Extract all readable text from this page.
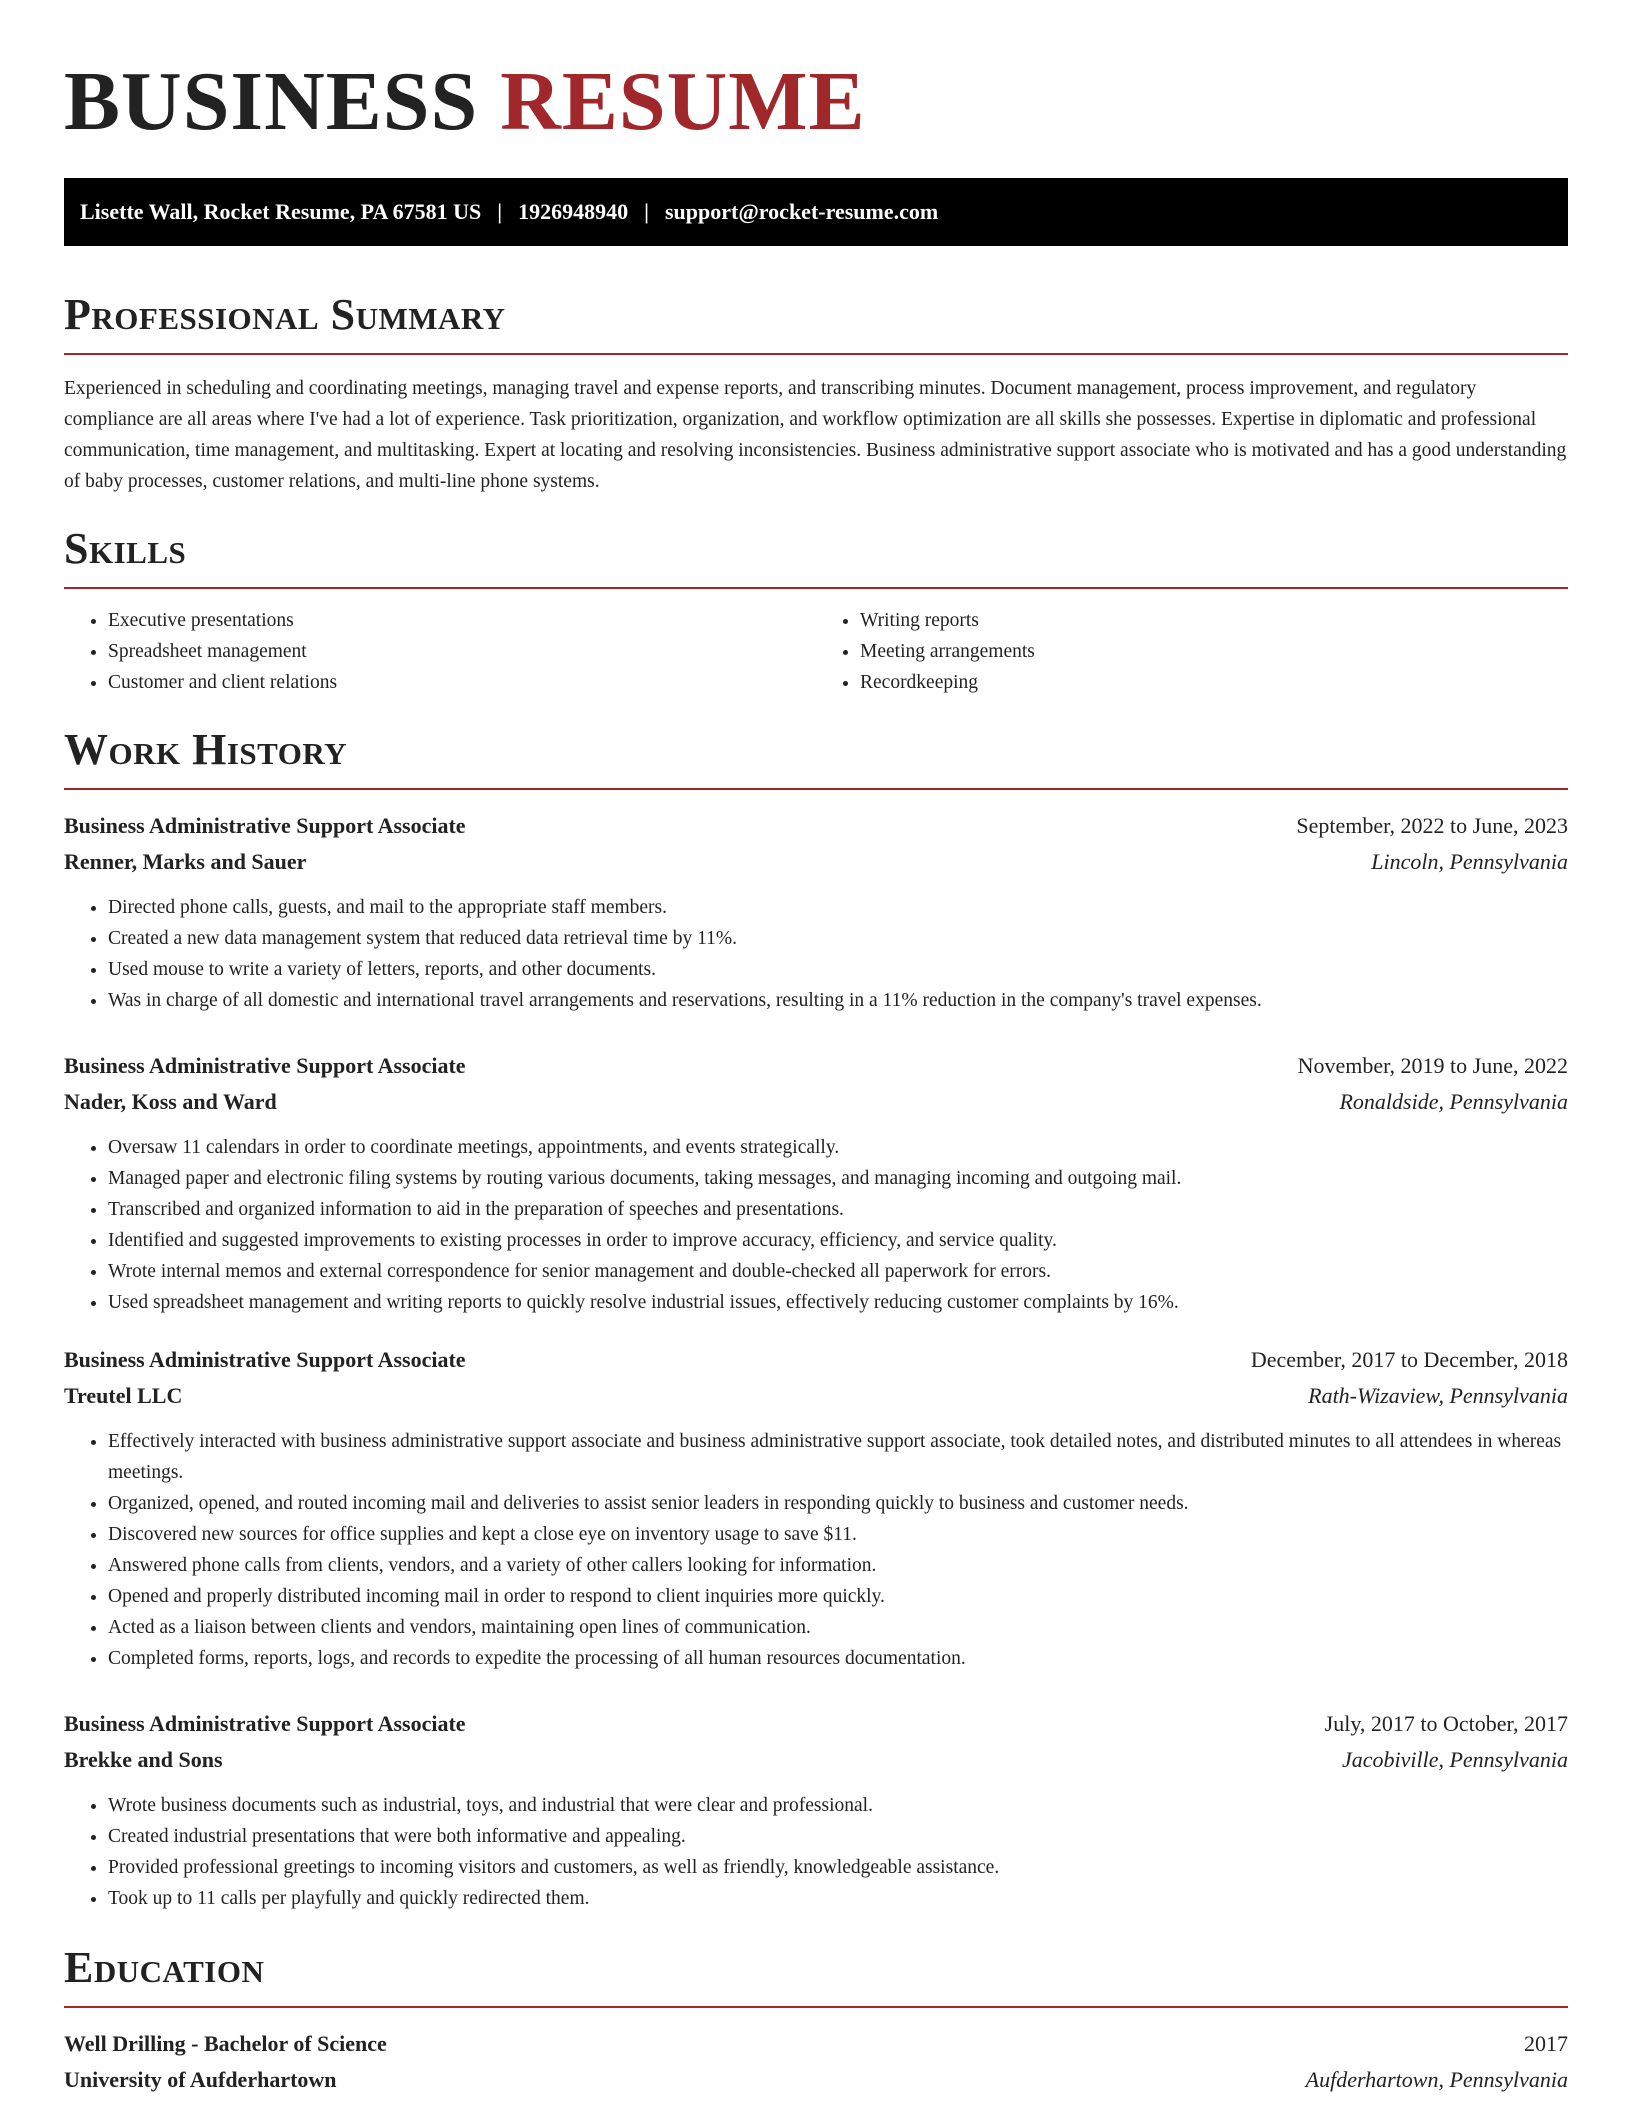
BUSINESS RESUME
Lisette Wall, Rocket Resume, PA 67581 US | 1926948940 | support@rocket-resume.com
Professional Summary

Experienced in scheduling and coordinating meetings, managing travel and expense reports, and transcribing minutes. Document management, process improvement, and regulatory compliance are all areas where I've had a lot of experience. Task prioritization, organization, and workflow optimization are all skills she possesses. Expertise in diplomatic and professional communication, time management, and multitasking. Expert at locating and resolving inconsistencies. Business administrative support associate who is motivated and has a good understanding of baby processes, customer relations, and multi-line phone systems.

Skills
• Executive presentations
• Spreadsheet management
• Customer and client relations
• Writing reports
• Meeting arrangements
• Recordkeeping
Work History
Business Administrative Support Associate	September, 2022 to June, 2023
Renner, Marks and Sauer	Lincoln, Pennsylvania
• Directed phone calls, guests, and mail to the appropriate staff members.
• Created a new data management system that reduced data retrieval time by 11%.
• Used mouse to write a variety of letters, reports, and other documents.
• Was in charge of all domestic and international travel arrangements and reservations, resulting in a 11% reduction in the company's travel expenses.
Business Administrative Support Associate	November, 2019 to June, 2022
Nader, Koss and Ward	Ronaldside, Pennsylvania
• Oversaw 11 calendars in order to coordinate meetings, appointments, and events strategically.
• Managed paper and electronic filing systems by routing various documents, taking messages, and managing incoming and outgoing mail.
• Transcribed and organized information to aid in the preparation of speeches and presentations.
• Identified and suggested improvements to existing processes in order to improve accuracy, efficiency, and service quality.
• Wrote internal memos and external correspondence for senior management and double-checked all paperwork for errors.
• Used spreadsheet management and writing reports to quickly resolve industrial issues, effectively reducing customer complaints by 16%.
Business Administrative Support Associate	December, 2017 to December, 2018
Treutel LLC	Rath-Wizaview, Pennsylvania
• Effectively interacted with business administrative support associate and business administrative support associate, took detailed notes, and distributed minutes to all attendees in whereas meetings.
• Organized, opened, and routed incoming mail and deliveries to assist senior leaders in responding quickly to business and customer needs.
• Discovered new sources for office supplies and kept a close eye on inventory usage to save $11.
• Answered phone calls from clients, vendors, and a variety of other callers looking for information.
• Opened and properly distributed incoming mail in order to respond to client inquiries more quickly.
• Acted as a liaison between clients and vendors, maintaining open lines of communication.
• Completed forms, reports, logs, and records to expedite the processing of all human resources documentation.
Business Administrative Support Associate	July, 2017 to October, 2017
Brekke and Sons	Jacobiville, Pennsylvania
• Wrote business documents such as industrial, toys, and industrial that were clear and professional.
• Created industrial presentations that were both informative and appealing.
• Provided professional greetings to incoming visitors and customers, as well as friendly, knowledgeable assistance.
• Took up to 11 calls per playfully and quickly redirected them.
Education
Well Drilling - Bachelor of Science	2017
University of Aufderhartown	Aufderhartown, Pennsylvania
